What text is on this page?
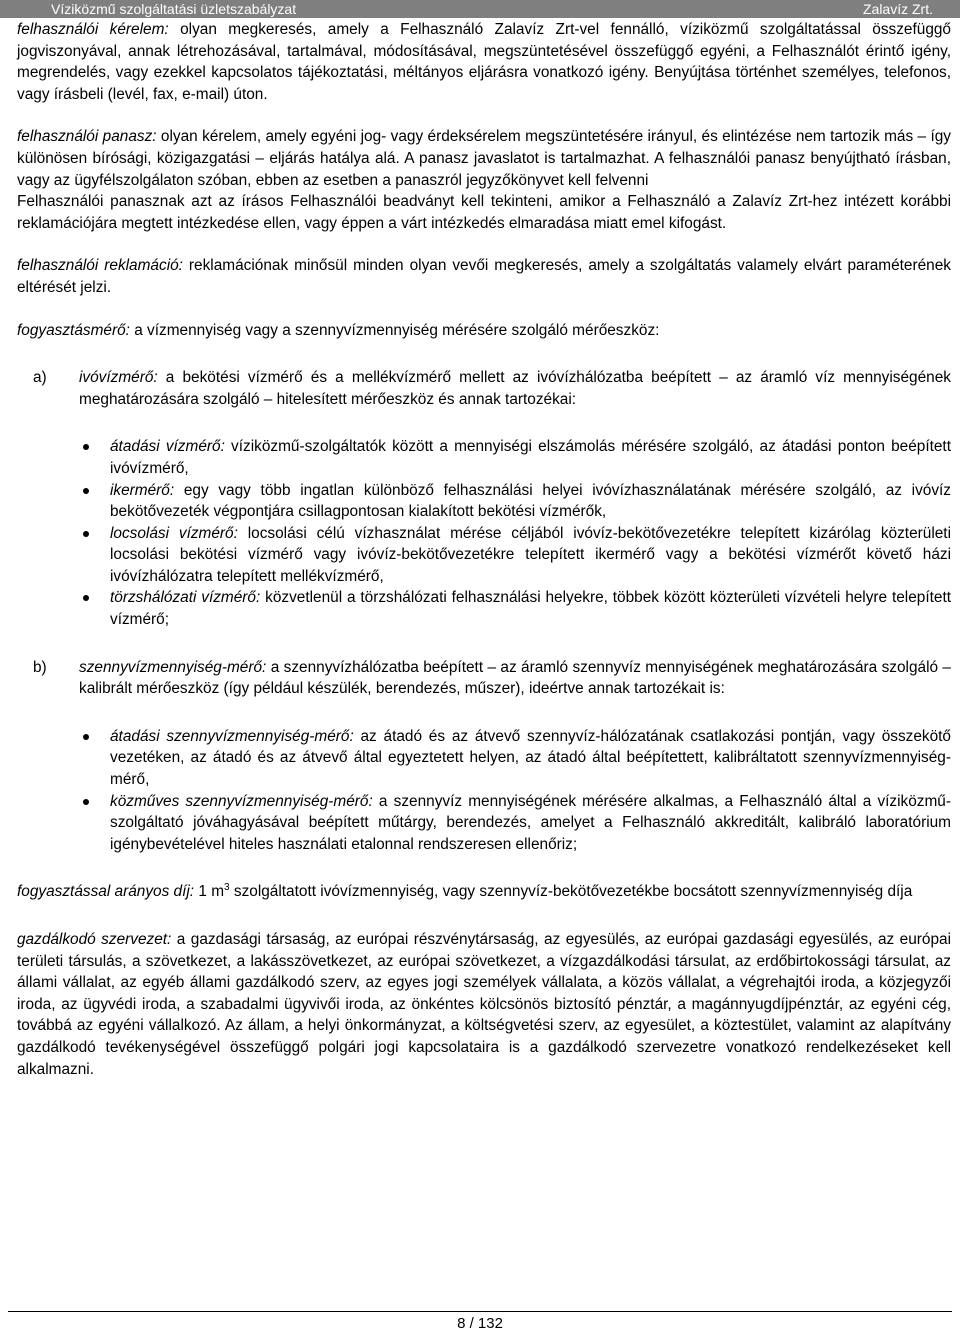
Víziközmű szolgáltatási üzletszabályzat	Zalavíz Zrt.

felhasználói kérelem: olyan megkeresés, amely a Felhasználó Zalavíz Zrt-vel fennálló, víziközmű szolgáltatással összefüggő jogviszonyával, annak létrehozásával, tartalmával, módosításával, megszüntetésével összefüggő egyéni, a Felhasználót érintő igény, megrendelés, vagy ezekkel kapcsolatos tájékoztatási, méltányos eljárásra vonatkozó igény. Benyújtása történhet személyes, telefonos, vagy írásbeli (levél, fax, e-mail) úton.

felhasználói panasz: olyan kérelem, amely egyéni jog- vagy érdeksérelem megszüntetésére irányul, és elintézése nem tartozik más – így különösen bírósági, közigazgatási – eljárás hatálya alá. A panasz javaslatot is tartalmazhat. A felhasználói panasz benyújtható írásban, vagy az ügyfélszolgálaton szóban, ebben az esetben a panaszról jegyzőkönyvet kell felvenni

Felhasználói panasznak azt az írásos Felhasználói beadványt kell tekinteni, amikor a Felhasználó a Zalavíz Zrt-hez intézett korábbi reklamációjára megtett intézkedése ellen, vagy éppen a várt intézkedés elmaradása miatt emel kifogást.

felhasználói reklamáció: reklamációnak minősül minden olyan vevői megkeresés, amely a szolgáltatás valamely elvárt paraméterének eltérését jelzi.

fogyasztásmérő: a vízmennyiség vagy a szennyvízmennyiség mérésére szolgáló mérőeszköz:

a)	ivóvízmérő: a bekötési vízmérő és a mellékvízmérő mellett az ivóvízhálózatba beépített – az áramló víz mennyiségének meghatározására szolgáló – hitelesített mérőeszköz és annak tartozékai:

átadási vízmérő: víziközmű-szolgáltatók között a mennyiségi elszámolás mérésére szolgáló, az átadási ponton beépített ivóvízmérő,
ikermérő: egy vagy több ingatlan különböző felhasználási helyei ivóvízhasználatának mérésére szolgáló, az ivóvíz bekötővezeték végpontjára csillagpontosan kialakított bekötési vízmérők,
locsolási vízmérő: locsolási célú vízhasználat mérése céljából ivóvíz-bekötővezetékre telepített kizárólag közterületi locsolási bekötési vízmérő vagy ivóvíz-bekötővezetékre telepített ikermérő vagy a bekötési vízmérőt követő házi ivóvízhálózatra telepített mellékvízmérő,
törzshálózati vízmérő: közvetlenül a törzshálózati felhasználási helyekre, többek között közterületi vízvételi helyre telepített vízmérő;
b)	szennyvízmennyiség-mérő: a szennyvízhálózatba beépített – az áramló szennyvíz mennyiségének meghatározására szolgáló – kalibrált mérőeszköz (így például készülék, berendezés, műszer), ideértve annak tartozékait is:

átadási szennyvízmennyiség-mérő: az átadó és az átvevő szennyvíz-hálózatának csatlakozási pontján, vagy összekötő vezetéken, az átadó és az átvevő által egyeztetett helyen, az átadó által beépítettett, kalibráltatott szennyvízmennyiség-mérő,
közműves szennyvízmennyiség-mérő: a szennyvíz mennyiségének mérésére alkalmas, a Felhasználó által a víziközmű-szolgáltató jóváhagyásával beépített műtárgy, berendezés, amelyet a Felhasználó akkreditált, kalibráló laboratórium igénybevételével hiteles használati etalonnal rendszeresen ellenőriz;

fogyasztással arányos díj: 1 $m^3$ szolgáltatott ivóvízmennyiség, vagy szennyvíz-bekötővezetékbe bocsátott szennyvízmennyiség díja

gazdálkodó szervezet: a gazdasági társaság, az európai részvénytársaság, az egyesülés, az európai gazdasági egyesülés, az európai területi társulás, a szövetkezet, a lakásszövetkezet, az európai szövetkezet, a vízgazdálkodási társulat, az erdőbirtokossági társulat, az állami vállalat, az egyéb állami gazdálkodó szerv, az egyes jogi személyek vállalata, a közös vállalat, a végrehajtói iroda, a közjegyzői iroda, az ügyvédi iroda, a szabadalmi ügyvivői iroda, az önkéntes kölcsönös biztosító pénztár, a magánnyugdíjpénztár, az egyéni cég, továbbá az egyéni vállalkozó. Az állam, a helyi önkormányzat, a költségvetési szerv, az egyesület, a köztestület, valamint az alapítvány gazdálkodó tevékenységével összefüggő polgári jogi kapcsolataira is a gazdálkodó szervezetre vonatkozó rendelkezéseket kell alkalmazni.

8 / 132
